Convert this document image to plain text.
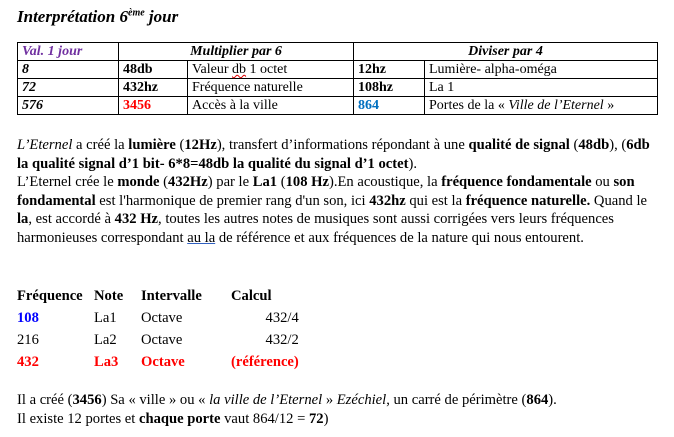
Interprétation 6ème jour
Val. 1 jour	Multiplier par 6		Diviser par 4	
8	48db	Valeur db 1 octet	12hz	Lumière- alpha-oméga
72	432hz	Fréquence naturelle	108hz	La 1
576	3456	Accès à la ville	864	Portes de la « Ville de l’Eternel »

L’Eternel a créé la lumière (12Hz), transfert d’informations répondant à une qualité de signal (48db), (6db la qualité signal d’1 bit- 6*8=48db la qualité du signal d’1 octet).

L’Eternel crée le monde (432Hz) par le La1 (108 Hz).En acoustique, la fréquence fondamentale ou son fondamental est l'harmonique de premier rang d'un son, ici 432hz qui est la fréquence naturelle. Quand le la, est accordé à 432 Hz, toutes les autres notes de musiques sont aussi corrigées vers leurs fréquences harmonieuses correspondant au la de référence et aux fréquences de la nature qui nous entourent.

Fréquence	Note	Intervalle	Calcul
108	La1	Octave	432/4
216	La2	Octave	432/2
432	La3	Octave	(référence)

Il a créé (3456) Sa « ville » ou « la ville de l’Eternel » Ezéchiel, un carré de périmètre (864).

Il existe 12 portes et chaque porte vaut 864/12 = 72)
